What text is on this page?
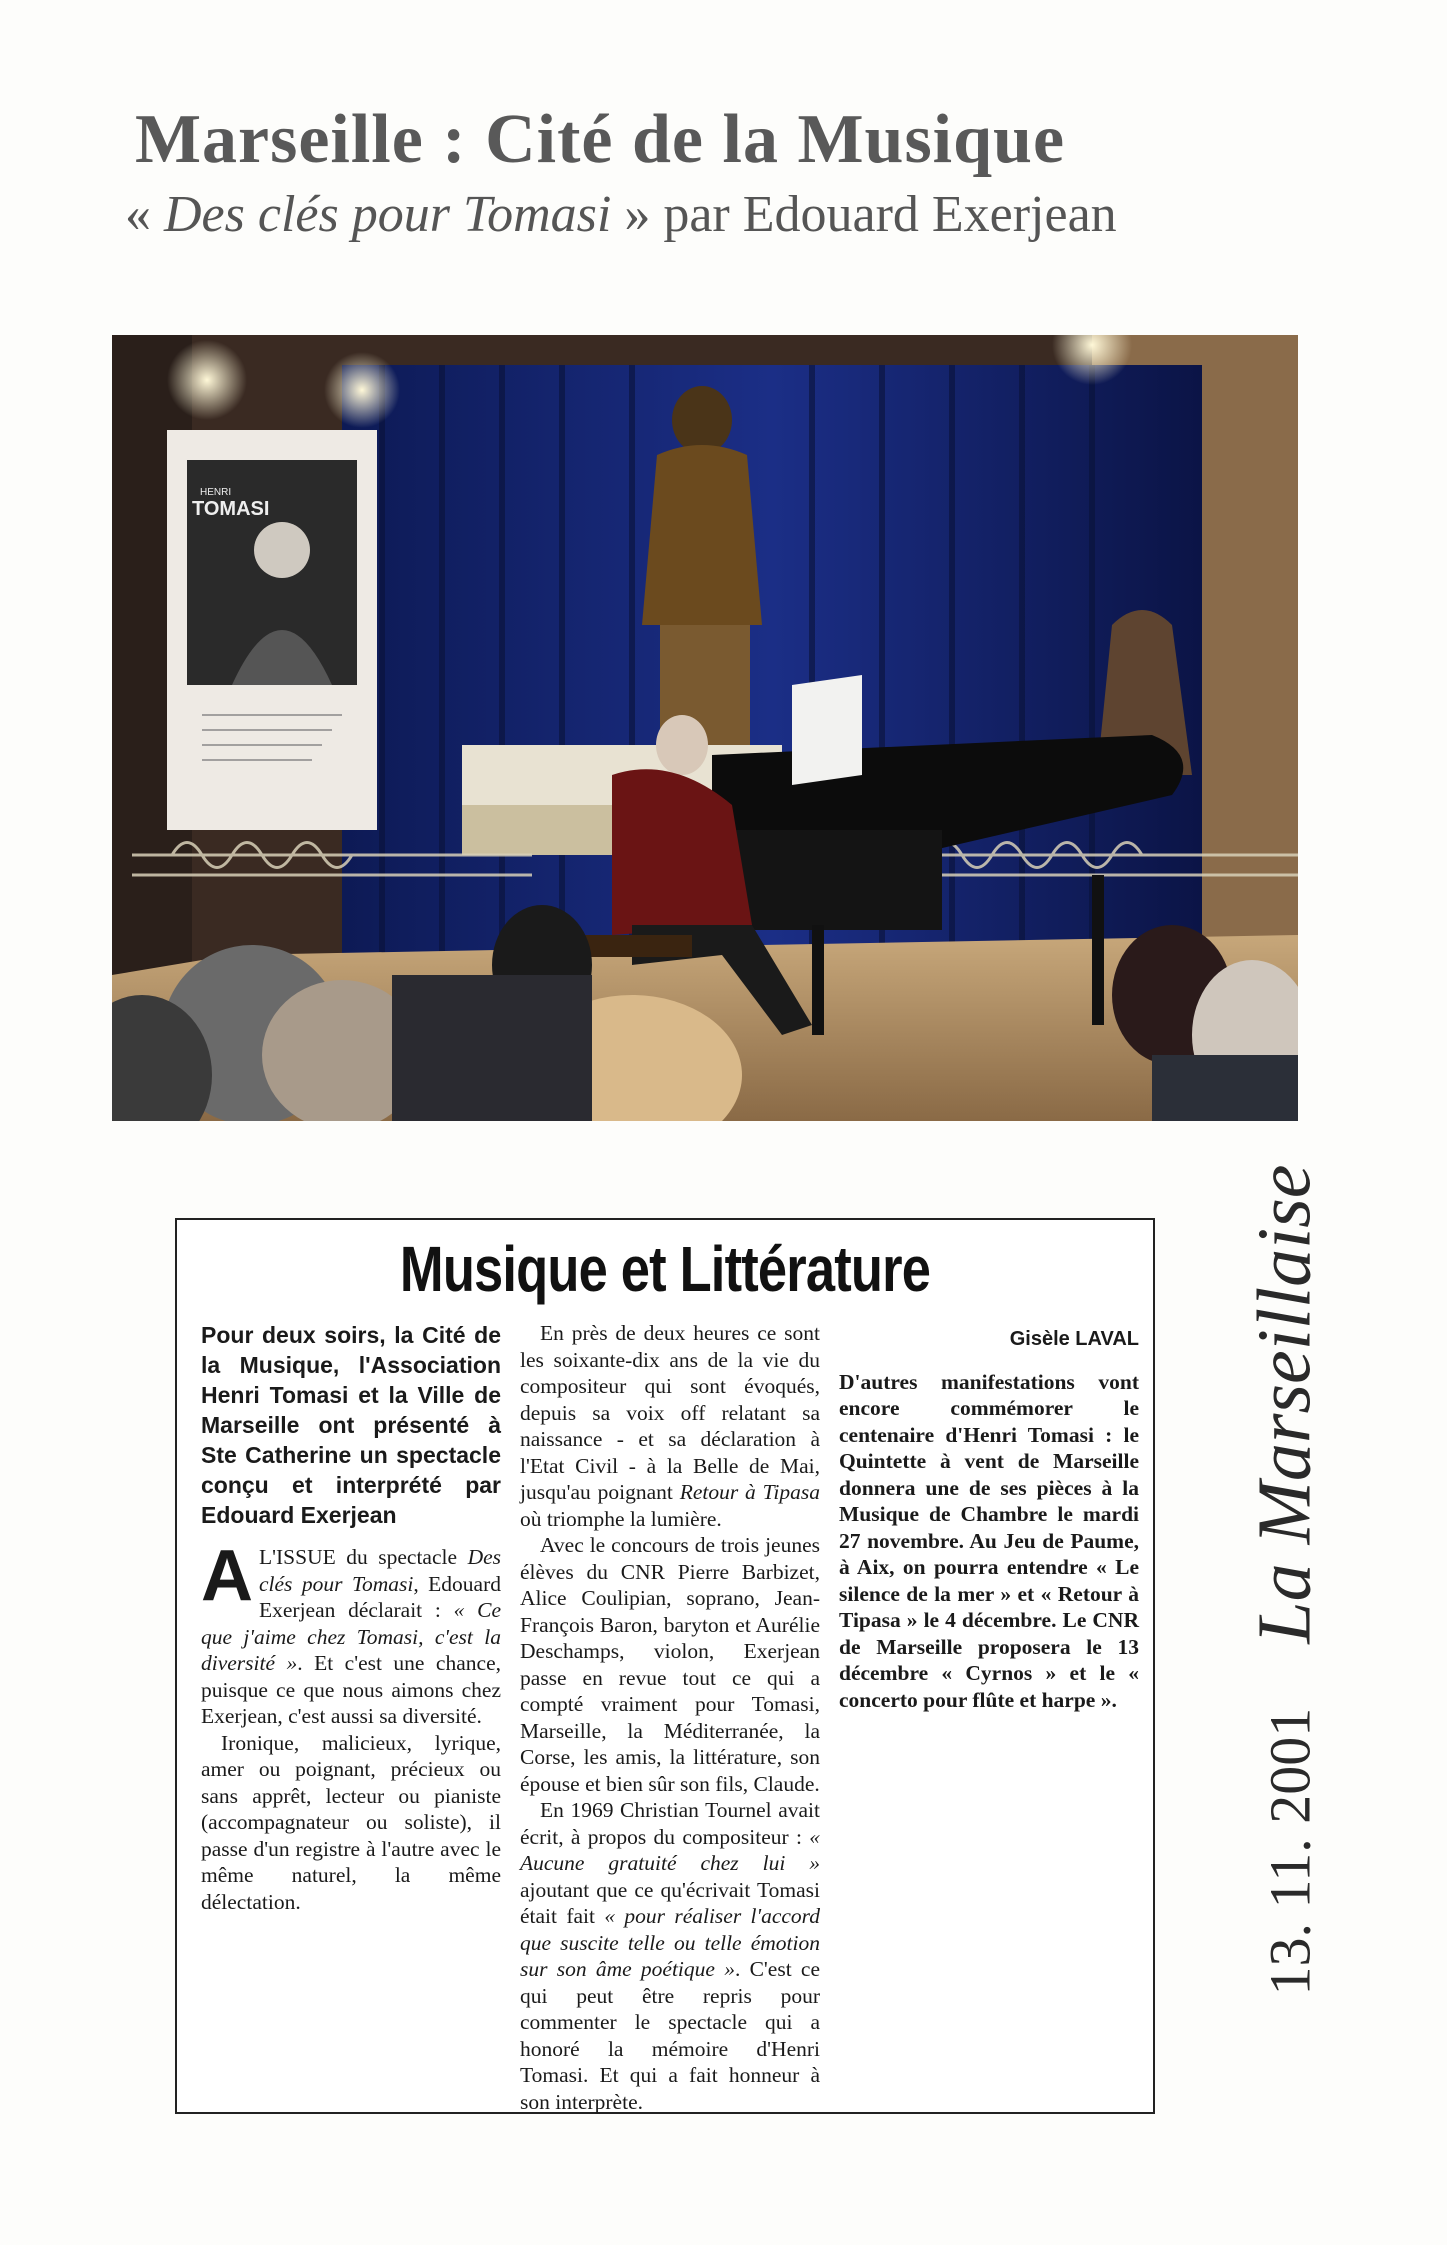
Marseille : Cité de la Musique
« Des clés pour Tomasi » par Edouard Exerjean
HENRI
TOMASI
Musique et Littérature
Pour deux soirs, la Cité de la Musique, l'Association Henri Tomasi et la Ville de Marseille ont présenté à Ste Catherine un spectacle conçu et interprété par Edouard Exerjean

A L'ISSUE du spectacle Des clés pour Tomasi, Edouard Exerjean déclarait : « Ce que j'aime chez Tomasi, c'est la diversité ». Et c'est une chance, puisque ce que nous aimons chez Exerjean, c'est aussi sa diversité.

Ironique, malicieux, lyrique, amer ou poignant, précieux ou sans apprêt, lecteur ou pianiste (accompagnateur ou soliste), il passe d'un registre à l'autre avec le même naturel, la même délectation.

En près de deux heures ce sont les soixante-dix ans de la vie du compositeur qui sont évoqués, depuis sa voix off relatant sa naissance - et sa déclaration à l'Etat Civil - à la Belle de Mai, jusqu'au poignant Retour à Tipasa où triomphe la lumière.

Avec le concours de trois jeunes élèves du CNR Pierre Barbizet, Alice Coulipian, soprano, Jean-François Baron, baryton et Aurélie Deschamps, violon, Exerjean passe en revue tout ce qui a compté vraiment pour Tomasi, Marseille, la Méditerranée, la Corse, les amis, la littérature, son épouse et bien sûr son fils, Claude.

En 1969 Christian Tournel avait écrit, à propos du compositeur : « Aucune gratuité chez lui » ajoutant que ce qu'écrivait Tomasi était fait « pour réaliser l'accord que suscite telle ou telle émotion sur son âme poétique ». C'est ce qui peut être repris pour commenter le spectacle qui a honoré la mémoire d'Henri Tomasi. Et qui a fait honneur à son interprète.

Gisèle LAVAL

D'autres manifestations vont encore commémorer le centenaire d'Henri Tomasi : le Quintette à vent de Marseille donnera une de ses pièces à la Musique de Chambre le mardi 27 novembre. Au Jeu de Paume, à Aix, on pourra entendre « Le silence de la mer » et « Retour à Tipasa » le 4 décembre. Le CNR de Marseille proposera le 13 décembre « Cyrnos » et le « concerto pour flûte et harpe ».

13. 11. 2001 La Marseillaise
